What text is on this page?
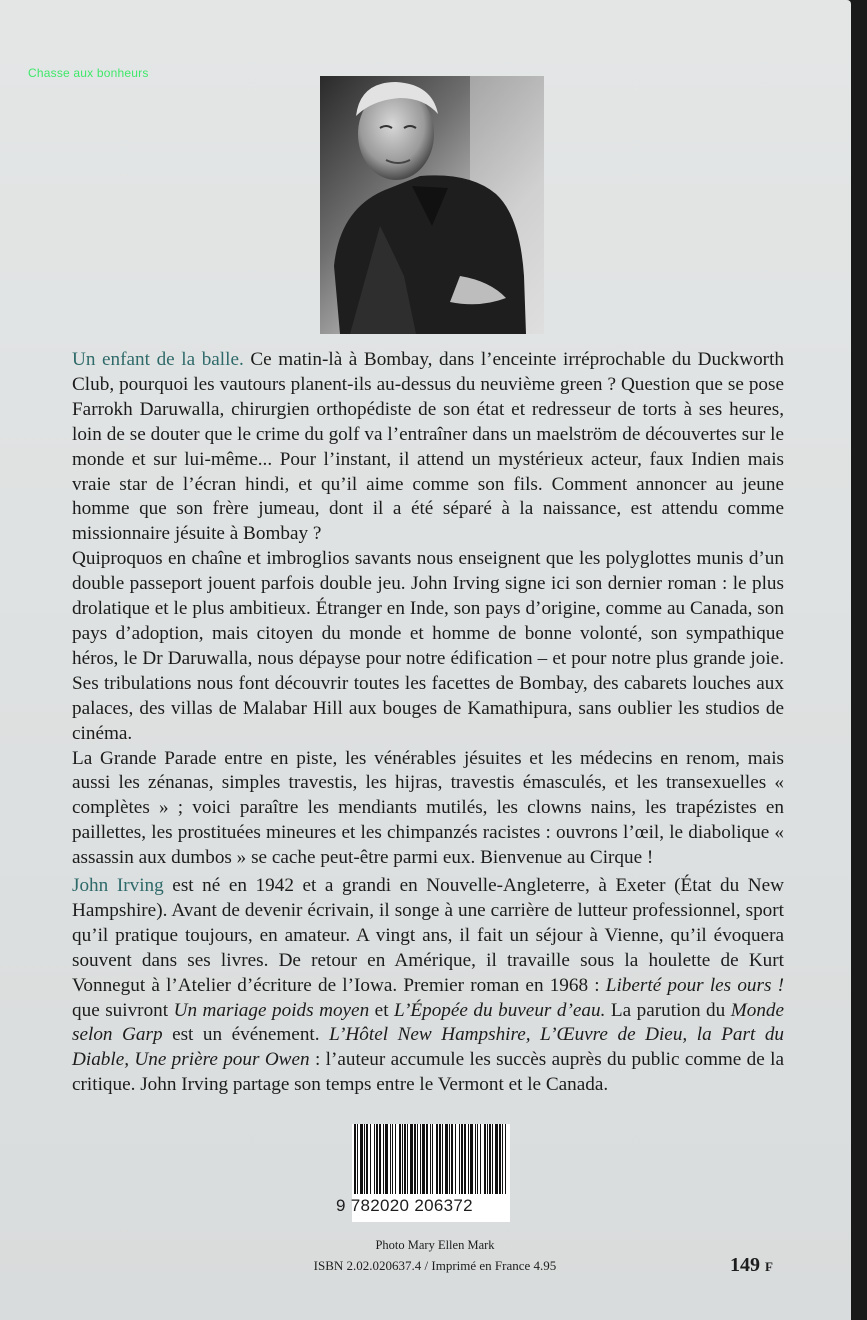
Chasse aux bonheurs

Un enfant de la balle. Ce matin-là à Bombay, dans l’enceinte irréprochable du Duckworth Club, pourquoi les vautours planent-ils au-dessus du neuvième green ? Question que se pose Farrokh Daruwalla, chirurgien orthopédiste de son état et redresseur de torts à ses heures, loin de se douter que le crime du golf va l’entraîner dans un maelström de découvertes sur le monde et sur lui-même... Pour l’instant, il attend un mystérieux acteur, faux Indien mais vraie star de l’écran hindi, et qu’il aime comme son fils. Comment annoncer au jeune homme que son frère jumeau, dont il a été séparé à la naissance, est attendu comme missionnaire jésuite à Bombay ?

Quiproquos en chaîne et imbroglios savants nous enseignent que les polyglottes munis d’un double passeport jouent parfois double jeu. John Irving signe ici son dernier roman : le plus drolatique et le plus ambitieux. Étranger en Inde, son pays d’origine, comme au Canada, son pays d’adoption, mais citoyen du monde et homme de bonne volonté, son sympathique héros, le Dr Daruwalla, nous dépayse pour notre édification – et pour notre plus grande joie. Ses tribulations nous font découvrir toutes les facettes de Bombay, des cabarets louches aux palaces, des villas de Malabar Hill aux bouges de Kamathipura, sans oublier les studios de cinéma.

La Grande Parade entre en piste, les vénérables jésuites et les médecins en renom, mais aussi les zénanas, simples travestis, les hijras, travestis émasculés, et les transexuelles « complètes » ; voici paraître les mendiants mutilés, les clowns nains, les trapézistes en paillettes, les prostituées mineures et les chimpanzés racistes : ouvrons l’œil, le diabolique « assassin aux dumbos » se cache peut-être parmi eux. Bienvenue au Cirque !

John Irving est né en 1942 et a grandi en Nouvelle-Angleterre, à Exeter (État du New Hampshire). Avant de devenir écrivain, il songe à une carrière de lutteur professionnel, sport qu’il pratique toujours, en amateur. A vingt ans, il fait un séjour à Vienne, qu’il évoquera souvent dans ses livres. De retour en Amérique, il travaille sous la houlette de Kurt Vonnegut à l’Atelier d’écriture de l’Iowa. Premier roman en 1968 : Liberté pour les ours ! que suivront Un mariage poids moyen et L’Épopée du buveur d’eau. La parution du Monde selon Garp est un événement. L’Hôtel New Hampshire, L’Œuvre de Dieu, la Part du Diable, Une prière pour Owen : l’auteur accumule les succès auprès du public comme de la critique. John Irving partage son temps entre le Vermont et le Canada.

9 782020 206372
Photo Mary Ellen Mark
ISBN 2.02.020637.4 / Imprimé en France 4.95	149 F
